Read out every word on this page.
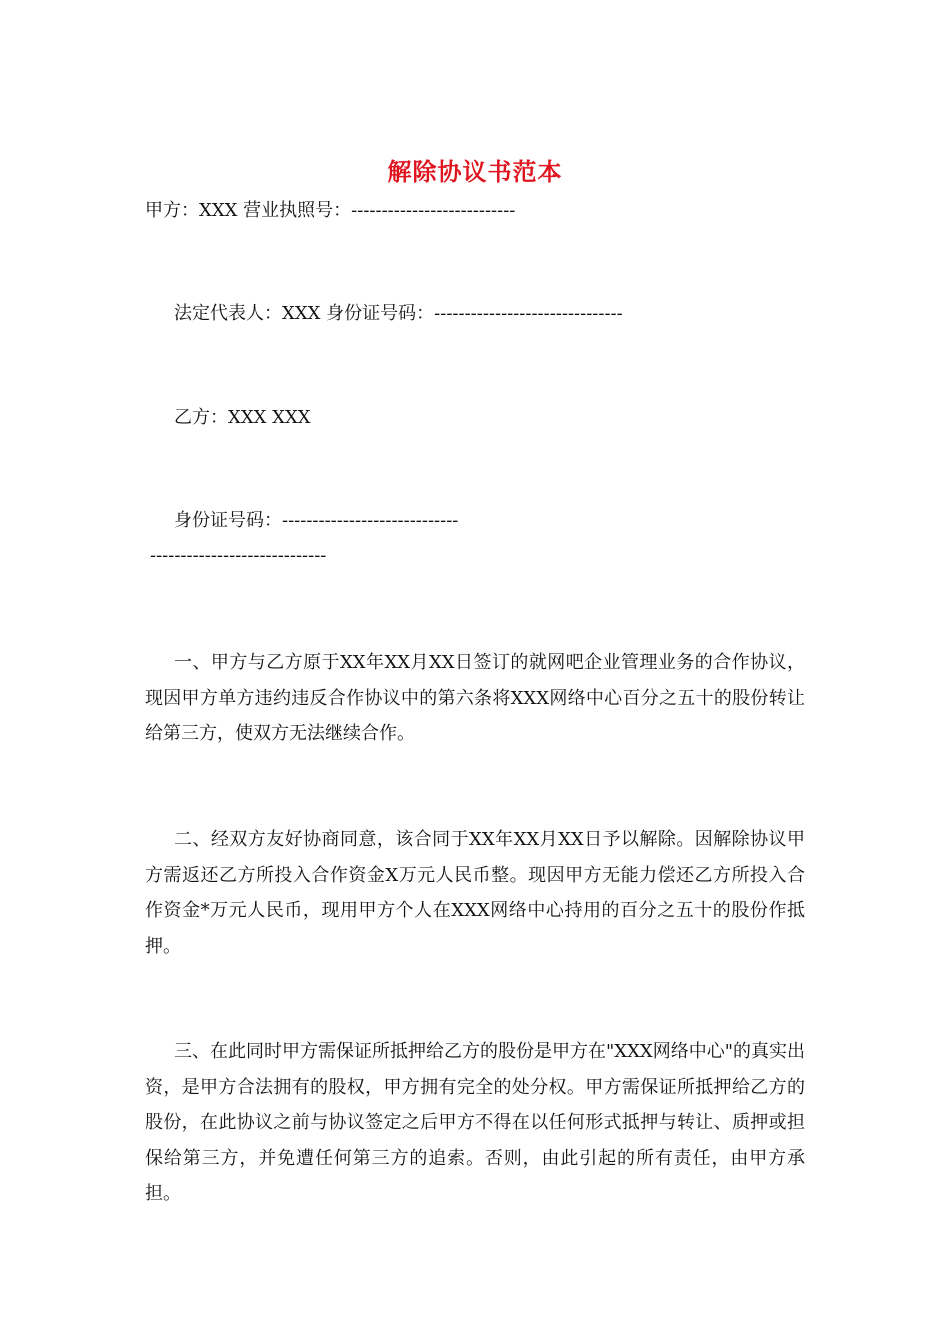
解除协议书范本
甲方：XXX 营业执照号：---------------------------
法定代表人：XXX 身份证号码：-------------------------------
乙方：XXX XXX
身份证号码：-----------------------------
-----------------------------
一、甲方与乙方原于XX年XX月XX日签订的就网吧企业管理业务的合作协议，现因甲方单方违约违反合作协议中的第六条将XXX网络中心百分之五十的股份转让给第三方，使双方无法继续合作。
二、经双方友好协商同意，该合同于XX年XX月XX日予以解除。因解除协议甲方需返还乙方所投入合作资金X万元人民币整。现因甲方无能力偿还乙方所投入合作资金*万元人民币，现用甲方个人在XXX网络中心持用的百分之五十的股份作抵押。
三、在此同时甲方需保证所抵押给乙方的股份是甲方在"XXX网络中心"的真实出资，是甲方合法拥有的股权，甲方拥有完全的处分权。甲方需保证所抵押给乙方的股份，在此协议之前与协议签定之后甲方不得在以任何形式抵押与转让、质押或担保给第三方，并免遭任何第三方的追索。否则，由此引起的所有责任，由甲方承担。
